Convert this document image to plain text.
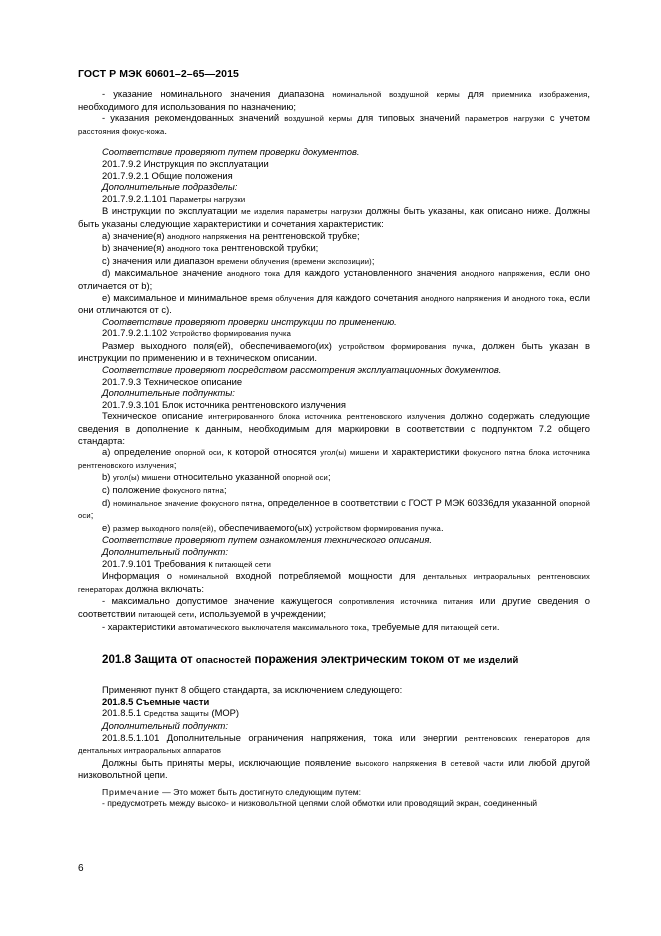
ГОСТ Р МЭК 60601–2–65—2015

- указание номинального значения диапазона номинальной воздушной кермы для приемника изображения, необходимого для использования по назначению;

- указания рекомендованных значений воздушной кермы для типовых значений параметров нагрузки с учетом расстояния фокус-кожа.

Соответствие проверяют путем проверки документов.

201.7.9.2 Инструкция по эксплуатации

201.7.9.2.1 Общие положения

Дополнительные подразделы:

201.7.9.2.1.101 Параметры нагрузки

В инструкции по эксплуатации ме изделия параметры нагрузки должны быть указаны, как описано ниже. Должны быть указаны следующие характеристики и сочетания характеристик:

a) значение(я) анодного напряжения на рентгеновской трубке;

b) значение(я) анодного тока рентгеновской трубки;

c) значения или диапазон времени облучения (времени экспозиции);

d) максимальное значение анодного тока для каждого установленного значения анодного напряжения, если оно отличается от b);

e) максимальное и минимальное время облучения для каждого сочетания анодного напряжения и анодного тока, если они отличаются от c).

Соответствие проверяют проверки инструкции по применению.

201.7.9.2.1.102 Устройство формирования пучка

Размер выходного поля(ей), обеспечиваемого(их) устройством формирования пучка, должен быть указан в инструкции по применению и в техническом описании.

Соответствие проверяют посредством рассмотрения эксплуатационных документов.

201.7.9.3 Техническое описание

Дополнительные подпункты:

201.7.9.3.101 Блок источника рентгеновского излучения

Техническое описание интегрированного блока источника рентгеновского излучения должно содержать следующие сведения в дополнение к данным, необходимым для маркировки в соответствии с подпунктом 7.2 общего стандарта:

a) определение опорной оси, к которой относятся угол(ы) мишени и характеристики фокусного пятна блока источника рентгеновского излучения;

b) угол(ы) мишени относительно указанной опорной оси;

c) положение фокусного пятна;

d) номинальное значение фокусного пятна, определенное в соответствии с ГОСТ Р МЭК 60336для указанной опорной оси;

e) размер выходного поля(ей), обеспечиваемого(ых) устройством формирования пучка.

Соответствие проверяют путем ознакомления технического описания.

Дополнительный подпункт:

201.7.9.101 Требования к питающей сети

Информация о номинальной входной потребляемой мощности для дентальных интраоральных рентгеновских генераторах должна включать:

- максимально допустимое значение кажущегося сопротивления источника питания или другие сведения о соответствии питающей сети, используемой в учреждении;

- характеристики автоматического выключателя максимального тока, требуемые для питающей сети.

201.8 Защита от опасностей поражения электрическим током от ме изделий

Применяют пункт 8 общего стандарта, за исключением следующего:

201.8.5 Съемные части

201.8.5.1 Средства защиты (MOP)

Дополнительный подпункт:

201.8.5.1.101 Дополнительные ограничения напряжения, тока или энергии рентгеновских генераторов для дентальных интраоральных аппаратов

Должны быть приняты меры, исключающие появление высокого напряжения в сетевой части или любой другой низковольтной цепи.

Примечание — Это может быть достигнуто следующим путем:

- предусмотреть между высоко- и низковольтной цепями слой обмотки или проводящий экран, соединенный

6
